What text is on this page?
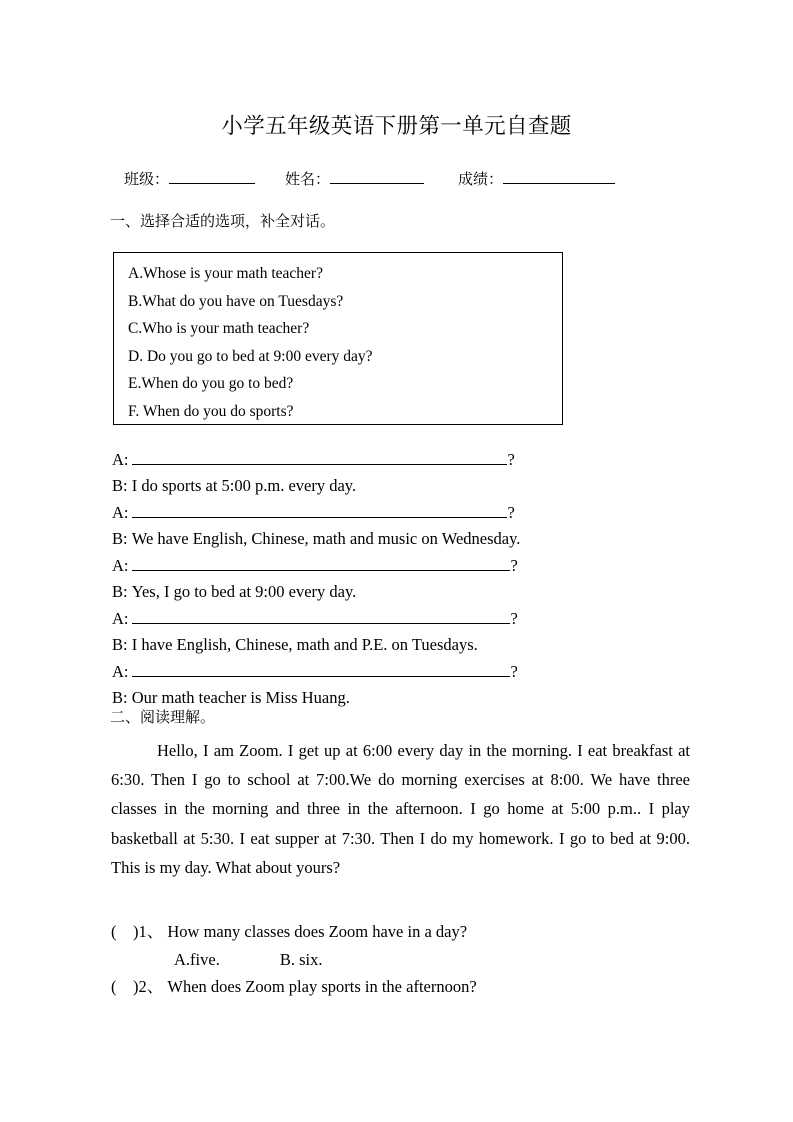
小学五年级英语下册第一单元自查题
班级：	姓名：	成绩：
一、选择合适的选项，补全对话。
A.Whose is your math teacher?
B.What do you have on Tuesdays?
C.Who is your math teacher?
D. Do you go to bed at 9:00 every day?
E.When do you go to bed?
F. When do you do sports?
A:	?
B: I do sports at 5:00 p.m. every day.
A:	?
B: We have English, Chinese, math and music on Wednesday.
A:	?
B: Yes, I go to bed at 9:00 every day.
A:	?
B: I have English, Chinese, math and P.E. on Tuesdays.
A:	?
B: Our math teacher is Miss Huang.
二、阅读理解。
Hello, I am Zoom. I get up at 6:00 every day in the morning. I eat breakfast at 6:30. Then I go to school at 7:00.We do morning exercises at 8:00. We have three classes in the morning and three in the afternoon. I go home at 5:00 p.m.. I play basketball at 5:30. I eat supper at 7:30. Then I do my homework. I go to bed at 9:00. This is my day. What about yours?
( )1、 How many classes does Zoom have in a day?
A.five.	B. six.
( )2、 When does Zoom play sports in the afternoon?
